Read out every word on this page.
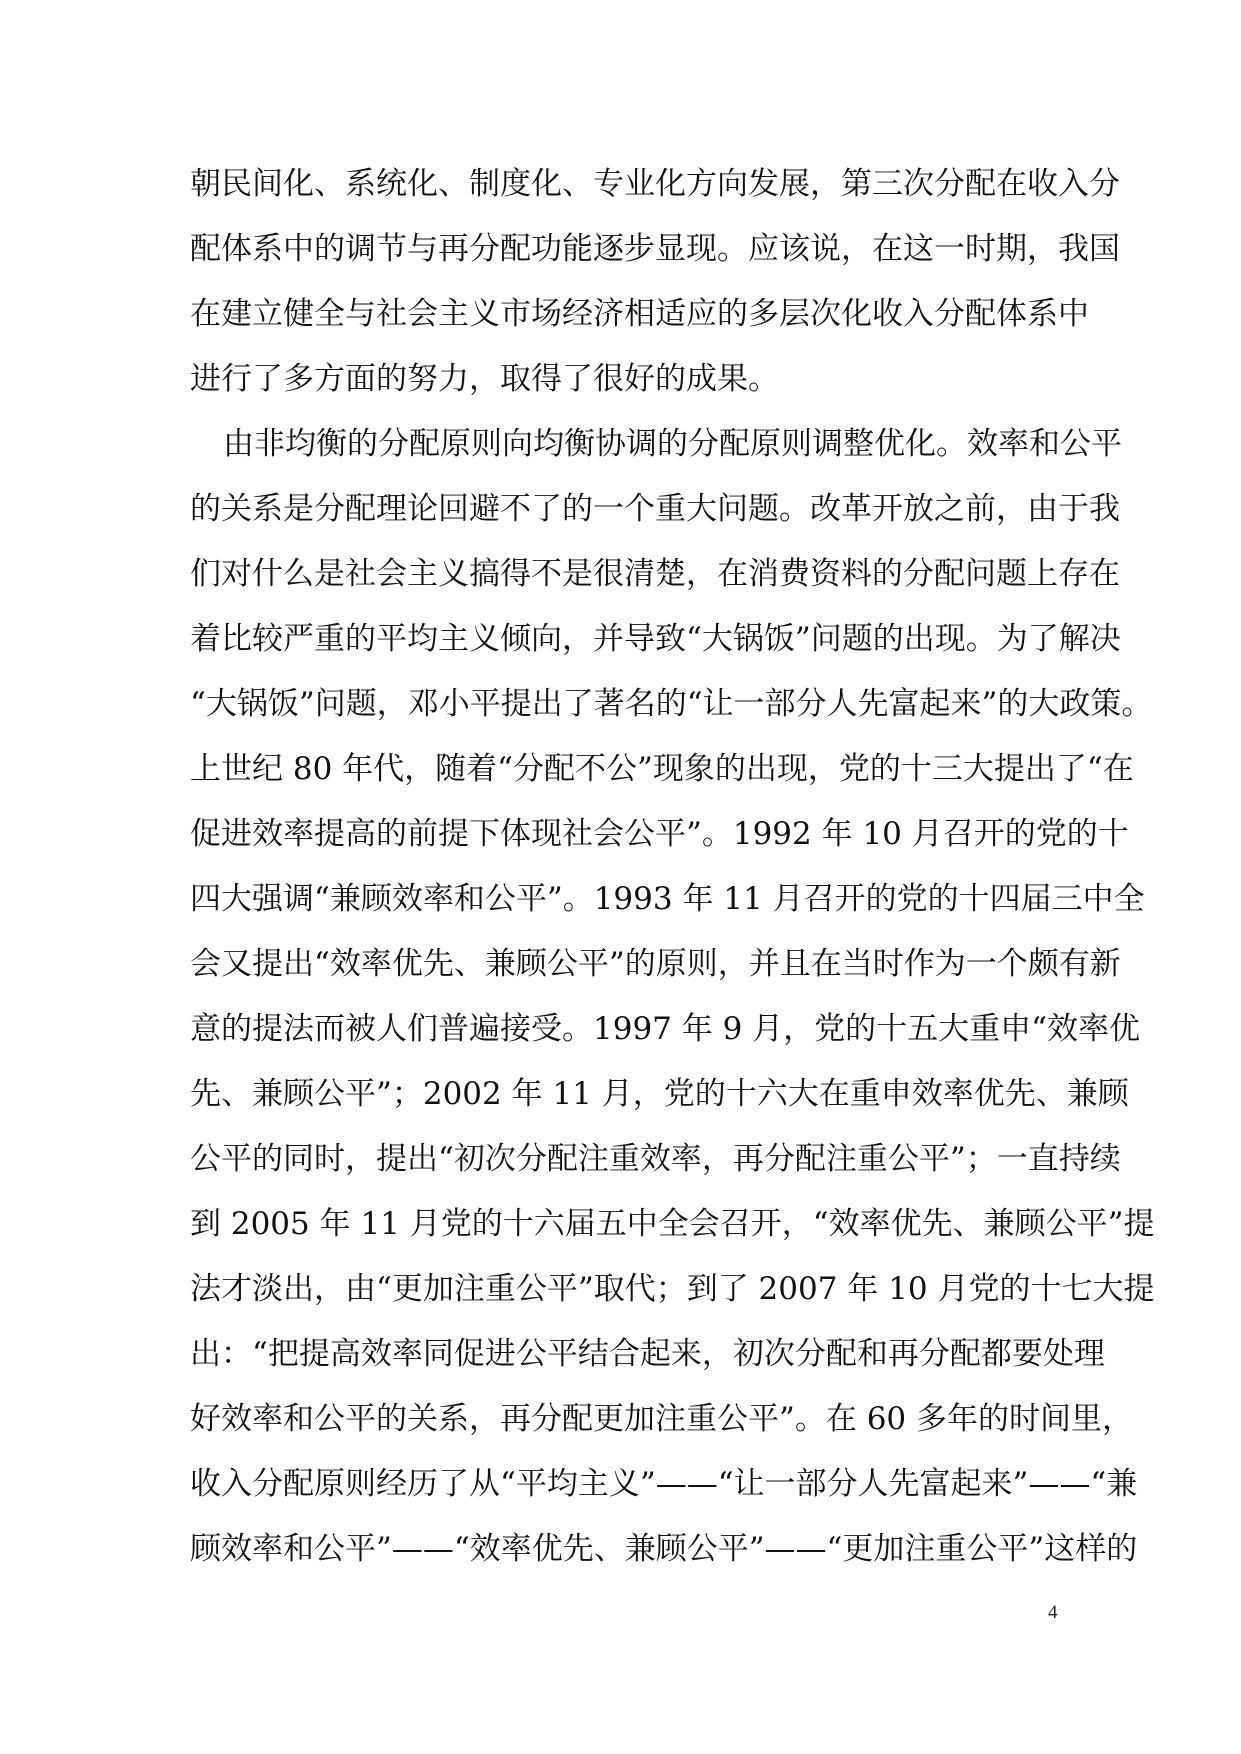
朝民间化、系统化、制度化、专业化方向发展，第三次分配在收入分
配体系中的调节与再分配功能逐步显现。应该说，在这一时期，我国
在建立健全与社会主义市场经济相适应的多层次化收入分配体系中
进行了多方面的努力，取得了很好的成果。
由非均衡的分配原则向均衡协调的分配原则调整优化。效率和公平
的关系是分配理论回避不了的一个重大问题。改革开放之前，由于我
们对什么是社会主义搞得不是很清楚，在消费资料的分配问题上存在
着比较严重的平均主义倾向，并导致“大锅饭”问题的出现。为了解决
“大锅饭”问题，邓小平提出了著名的“让一部分人先富起来”的大政策。
上世纪 80 年代，随着“分配不公”现象的出现，党的十三大提出了“在
促进效率提高的前提下体现社会公平”。1992 年 10 月召开的党的十
四大强调“兼顾效率和公平”。1993 年 11 月召开的党的十四届三中全
会又提出“效率优先、兼顾公平”的原则，并且在当时作为一个颇有新
意的提法而被人们普遍接受。1997 年 9 月，党的十五大重申“效率优
先、兼顾公平”；2002 年 11 月，党的十六大在重申效率优先、兼顾
公平的同时，提出“初次分配注重效率，再分配注重公平”；一直持续
到 2005 年 11 月党的十六届五中全会召开，“效率优先、兼顾公平”提
法才淡出，由“更加注重公平”取代；到了 2007 年 10 月党的十七大提
出：“把提高效率同促进公平结合起来，初次分配和再分配都要处理
好效率和公平的关系，再分配更加注重公平”。在 60 多年的时间里，
收入分配原则经历了从“平均主义”——“让一部分人先富起来”——“兼
顾效率和公平”——“效率优先、兼顾公平”——“更加注重公平”这样的
4
